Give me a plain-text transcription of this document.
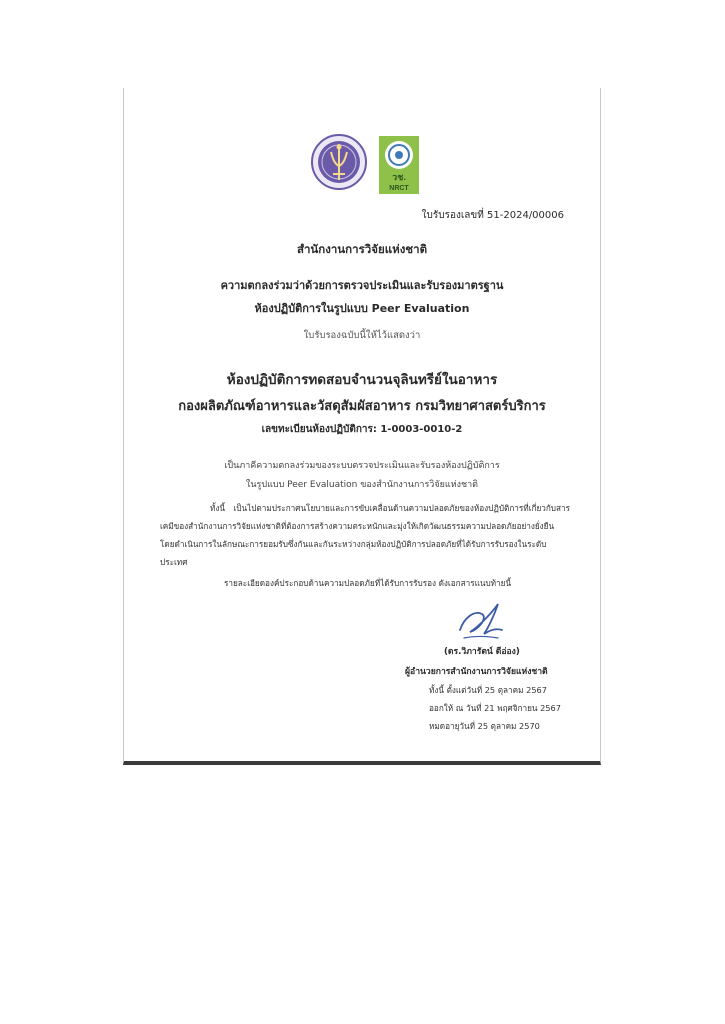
วช.
NRCT
ใบรับรองเลขที่ 51-2024/00006
สำนักงานการวิจัยแห่งชาติ
ความตกลงร่วมว่าด้วยการตรวจประเมินและรับรองมาตรฐาน
ห้องปฏิบัติการในรูปแบบ Peer Evaluation
ใบรับรองฉบับนี้ให้ไว้แสดงว่า
ห้องปฏิบัติการทดสอบจำนวนจุลินทรีย์ในอาหาร
กองผลิตภัณฑ์อาหารและวัสดุสัมผัสอาหาร กรมวิทยาศาสตร์บริการ
เลขทะเบียนห้องปฏิบัติการ: 1-0003-0010-2
เป็นภาคีความตกลงร่วมของระบบตรวจประเมินและรับรองห้องปฏิบัติการ
ในรูปแบบ Peer Evaluation ของสำนักงานการวิจัยแห่งชาติ
ทั้งนี้ เป็นไปตามประกาศนโยบายและการขับเคลื่อนด้านความปลอดภัยของห้องปฏิบัติการที่เกี่ยวกับสารเคมีของสำนักงานการวิจัยแห่งชาติที่ต้องการสร้างความตระหนักและมุ่งให้เกิดวัฒนธรรมความปลอดภัยอย่างยั่งยืน โดยดำเนินการในลักษณะการยอมรับซึ่งกันและกันระหว่างกลุ่มห้องปฏิบัติการปลอดภัยที่ได้รับการรับรองในระดับประเทศ
รายละเอียดองค์ประกอบด้านความปลอดภัยที่ได้รับการรับรอง ดังเอกสารแนบท้ายนี้
(ดร.วิภารัตน์ ดีอ่อง)
ผู้อำนวยการสำนักงานการวิจัยแห่งชาติ
ทั้งนี้ ตั้งแต่วันที่ 25 ตุลาคม 2567
ออกให้ ณ วันที่ 21 พฤศจิกายน 2567
หมดอายุวันที่ 25 ตุลาคม 2570
